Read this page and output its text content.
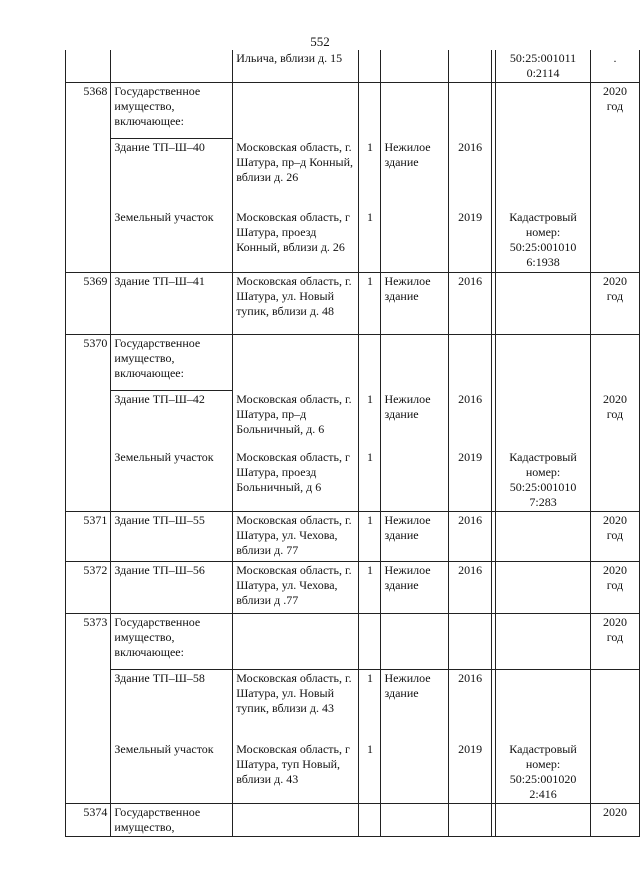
552
		Ильича, вблизи д. 15					50:25:001011 0:2114	.
5368	Государственное имущество, включающее:							2020 год
	Здание ТП–Ш–40	Московская область, г. Шатура, пр–д Конный, вблизи д. 26	1	Нежилое здание	2016			
	Земельный участок	Московская область, г Шатура, проезд Конный, вблизи д. 26	1		2019		Кадастровый номер: 50:25:001010 6:1938	
5369	Здание ТП–Ш–41	Московская область, г. Шатура, ул. Новый тупик, вблизи д. 48	1	Нежилое здание	2016			2020 год
5370	Государственное имущество, включающее:							
	Здание ТП–Ш–42	Московская область, г. Шатура, пр–д Больничный, д. 6	1	Нежилое здание	2016			2020 год
	Земельный участок	Московская область, г Шатура, проезд Больничный, д 6	1		2019		Кадастровый номер: 50:25:001010 7:283	
5371	Здание ТП–Ш–55	Московская область, г. Шатура, ул. Чехова, вблизи д. 77	1	Нежилое здание	2016			2020 год
5372	Здание ТП–Ш–56	Московская область, г. Шатура, ул. Чехова, вблизи д .77	1	Нежилое здание	2016			2020 год
5373	Государственное имущество, включающее:							2020 год
	Здание ТП–Ш–58	Московская область, г. Шатура, ул. Новый тупик, вблизи д. 43	1	Нежилое здание	2016			
	Земельный участок	Московская область, г Шатура, туп Новый, вблизи д. 43	1		2019		Кадастровый номер: 50:25:001020 2:416	
5374	Государственное имущество,							2020
